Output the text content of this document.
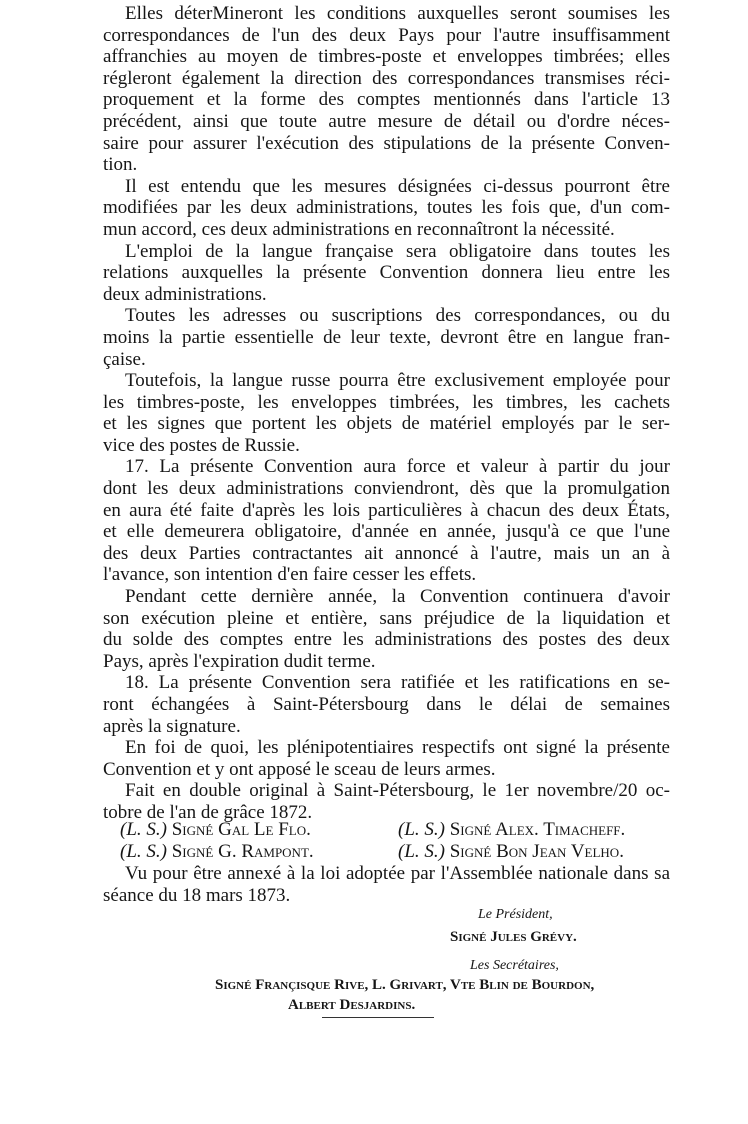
Elles déterMineront les conditions auxquelles seront soumises les
correspondances de l'un des deux Pays pour l'autre insuffisamment
affranchies au moyen de timbres-poste et enveloppes timbrées; elles
régleront également la direction des correspondances transmises réci-
proquement et la forme des comptes mentionnés dans l'article 13
précédent, ainsi que toute autre mesure de détail ou d'ordre néces-
saire pour assurer l'exécution des stipulations de la présente Conven-
tion.
Il est entendu que les mesures désignées ci-dessus pourront être
modifiées par les deux administrations, toutes les fois que, d'un com-
mun accord, ces deux administrations en reconnaîtront la nécessité.
L'emploi de la langue française sera obligatoire dans toutes les
relations auxquelles la présente Convention donnera lieu entre les
deux administrations.
Toutes les adresses ou suscriptions des correspondances, ou du
moins la partie essentielle de leur texte, devront être en langue fran-
çaise.
Toutefois, la langue russe pourra être exclusivement employée pour
les timbres-poste, les enveloppes timbrées, les timbres, les cachets
et les signes que portent les objets de matériel employés par le ser-
vice des postes de Russie.
17. La présente Convention aura force et valeur à partir du jour
dont les deux administrations conviendront, dès que la promulgation
en aura été faite d'après les lois particulières à chacun des deux États,
et elle demeurera obligatoire, d'année en année, jusqu'à ce que l'une
des deux Parties contractantes ait annoncé à l'autre, mais un an à
l'avance, son intention d'en faire cesser les effets.
Pendant cette dernière année, la Convention continuera d'avoir
son exécution pleine et entière, sans préjudice de la liquidation et
du solde des comptes entre les administrations des postes des deux
Pays, après l'expiration dudit terme.
18. La présente Convention sera ratifiée et les ratifications en se-
ront échangées à Saint-Pétersbourg dans le délai de semaines
après la signature.
En foi de quoi, les plénipotentiaires respectifs ont signé la présente
Convention et y ont apposé le sceau de leurs armes.
Fait en double original à Saint-Pétersbourg, le 1er novembre/20 oc-
tobre de l'an de grâce 1872.
(L. S.) Signé Gal Le Flo.	(L. S.) Signé Alex. Timacheff.
(L. S.) Signé G. Rampont.	(L. S.) Signé Bon Jean Velho.
Vu pour être annexé à la loi adoptée par l'Assemblée nationale dans sa
séance du 18 mars 1873.
Le Président,
Signé Jules Grévy.
Les Secrétaires,
Signé Françisque Rive, L. Grivart, Vte Blin de Bourdon,
Albert Desjardins.
